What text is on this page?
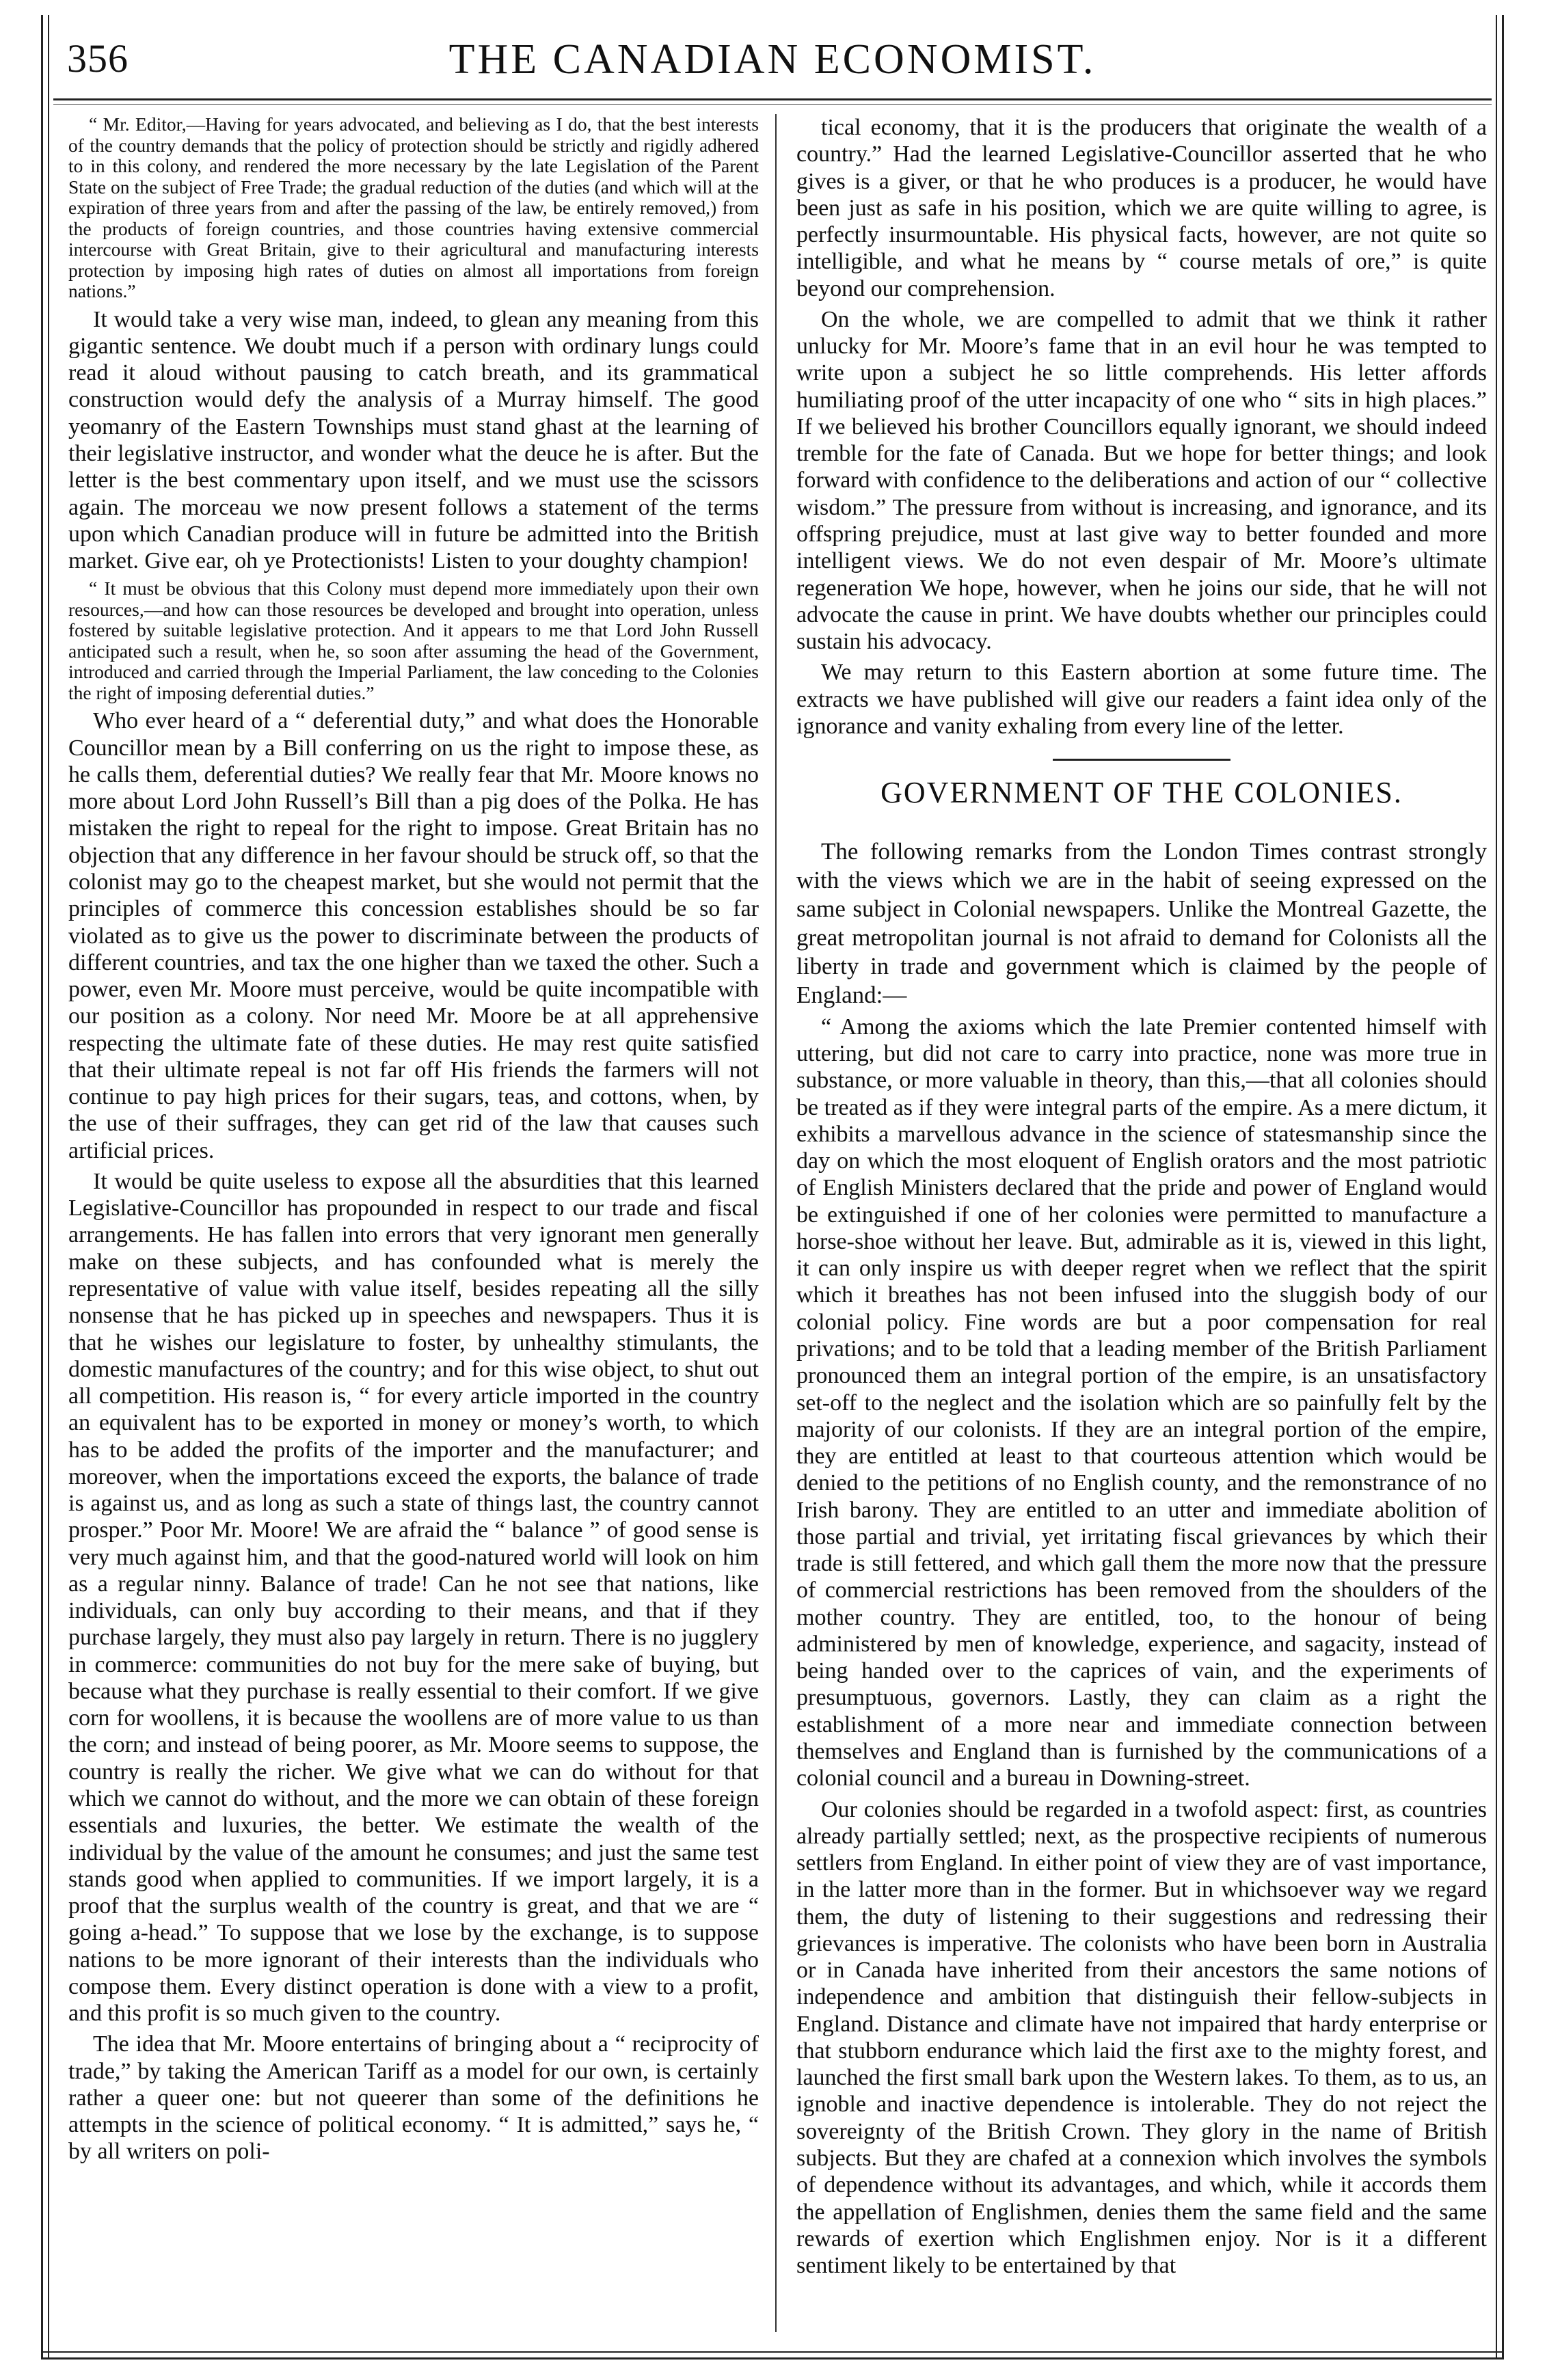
356	THE CANADIAN ECONOMIST.

“ Mr. Editor,—Having for years advocated, and believing as I do, that the best interests of the country demands that the policy of protection should be strictly and rigidly adhered to in this colony, and rendered the more necessary by the late Legislation of the Parent State on the subject of Free Trade; the gradual reduction of the duties (and which will at the expiration of three years from and after the passing of the law, be entirely removed,) from the products of foreign countries, and those countries having extensive commercial intercourse with Great Britain, give to their agricultural and manufacturing interests protection by imposing high rates of duties on almost all importations from foreign nations.”

It would take a very wise man, indeed, to glean any meaning from this gigantic sentence. We doubt much if a person with ordinary lungs could read it aloud without pausing to catch breath, and its grammatical construction would defy the analysis of a Murray himself. The good yeomanry of the Eastern Townships must stand ghast at the learning of their legislative instructor, and wonder what the deuce he is after. But the letter is the best commentary upon itself, and we must use the scissors again. The morceau we now present follows a statement of the terms upon which Canadian produce will in future be admitted into the British market. Give ear, oh ye Protectionists! Listen to your doughty champion!

“ It must be obvious that this Colony must depend more immediately upon their own resources,—and how can those resources be developed and brought into operation, unless fostered by suitable legislative protection. And it appears to me that Lord John Russell anticipated such a result, when he, so soon after assuming the head of the Government, introduced and carried through the Imperial Parliament, the law conceding to the Colonies the right of imposing deferential duties.”

Who ever heard of a “ deferential duty,” and what does the Honorable Councillor mean by a Bill conferring on us the right to impose these, as he calls them, deferential duties? We really fear that Mr. Moore knows no more about Lord John Russell’s Bill than a pig does of the Polka. He has mistaken the right to repeal for the right to impose. Great Britain has no objection that any difference in her favour should be struck off, so that the colonist may go to the cheapest market, but she would not permit that the principles of commerce this concession establishes should be so far violated as to give us the power to discriminate between the products of different countries, and tax the one higher than we taxed the other. Such a power, even Mr. Moore must perceive, would be quite incompatible with our position as a colony. Nor need Mr. Moore be at all apprehensive respecting the ultimate fate of these duties. He may rest quite satisfied that their ultimate repeal is not far off His friends the farmers will not continue to pay high prices for their sugars, teas, and cottons, when, by the use of their suffrages, they can get rid of the law that causes such artificial prices.

It would be quite useless to expose all the absurdities that this learned Legislative-Councillor has propounded in respect to our trade and fiscal arrangements. He has fallen into errors that very ignorant men generally make on these subjects, and has confounded what is merely the representative of value with value itself, besides repeating all the silly nonsense that he has picked up in speeches and newspapers. Thus it is that he wishes our legislature to foster, by unhealthy stimulants, the domestic manufactures of the country; and for this wise object, to shut out all competition. His reason is, “ for every article imported in the country an equivalent has to be exported in money or money’s worth, to which has to be added the profits of the importer and the manufacturer; and moreover, when the importations exceed the exports, the balance of trade is against us, and as long as such a state of things last, the country cannot prosper.” Poor Mr. Moore! We are afraid the “ balance ” of good sense is very much against him, and that the good-natured world will look on him as a regular ninny. Balance of trade! Can he not see that nations, like individuals, can only buy according to their means, and that if they purchase largely, they must also pay largely in return. There is no jugglery in commerce: communities do not buy for the mere sake of buying, but because what they purchase is really essential to their comfort. If we give corn for woollens, it is because the woollens are of more value to us than the corn; and instead of being poorer, as Mr. Moore seems to suppose, the country is really the richer. We give what we can do without for that which we cannot do without, and the more we can obtain of these foreign essentials and luxuries, the better. We estimate the wealth of the individual by the value of the amount he consumes; and just the same test stands good when applied to communities. If we import largely, it is a proof that the surplus wealth of the country is great, and that we are “ going a-head.” To suppose that we lose by the exchange, is to suppose nations to be more ignorant of their interests than the individuals who compose them. Every distinct operation is done with a view to a profit, and this profit is so much given to the country.

The idea that Mr. Moore entertains of bringing about a “ reciprocity of trade,” by taking the American Tariff as a model for our own, is certainly rather a queer one: but not queerer than some of the definitions he attempts in the science of political economy. “ It is admitted,” says he, “ by all writers on poli-

tical economy, that it is the producers that originate the wealth of a country.” Had the learned Legislative-Councillor asserted that he who gives is a giver, or that he who produces is a producer, he would have been just as safe in his position, which we are quite willing to agree, is perfectly insurmountable. His physical facts, however, are not quite so intelligible, and what he means by “ course metals of ore,” is quite beyond our comprehension.

On the whole, we are compelled to admit that we think it rather unlucky for Mr. Moore’s fame that in an evil hour he was tempted to write upon a subject he so little comprehends. His letter affords humiliating proof of the utter incapacity of one who “ sits in high places.” If we believed his brother Councillors equally ignorant, we should indeed tremble for the fate of Canada. But we hope for better things; and look forward with confidence to the deliberations and action of our “ collective wisdom.” The pressure from without is increasing, and ignorance, and its offspring prejudice, must at last give way to better founded and more intelligent views. We do not even despair of Mr. Moore’s ultimate regeneration We hope, however, when he joins our side, that he will not advocate the cause in print. We have doubts whether our principles could sustain his advocacy.

We may return to this Eastern abortion at some future time. The extracts we have published will give our readers a faint idea only of the ignorance and vanity exhaling from every line of the letter.

GOVERNMENT OF THE COLONIES.

The following remarks from the London Times contrast strongly with the views which we are in the habit of seeing expressed on the same subject in Colonial newspapers. Unlike the Montreal Gazette, the great metropolitan journal is not afraid to demand for Colonists all the liberty in trade and government which is claimed by the people of England:—

“ Among the axioms which the late Premier contented himself with uttering, but did not care to carry into practice, none was more true in substance, or more valuable in theory, than this,—that all colonies should be treated as if they were integral parts of the empire. As a mere dictum, it exhibits a marvellous advance in the science of statesmanship since the day on which the most eloquent of English orators and the most patriotic of English Ministers declared that the pride and power of England would be extinguished if one of her colonies were permitted to manufacture a horse-shoe without her leave. But, admirable as it is, viewed in this light, it can only inspire us with deeper regret when we reflect that the spirit which it breathes has not been infused into the sluggish body of our colonial policy. Fine words are but a poor compensation for real privations; and to be told that a leading member of the British Parliament pronounced them an integral portion of the empire, is an unsatisfactory set-off to the neglect and the isolation which are so painfully felt by the majority of our colonists. If they are an integral portion of the empire, they are entitled at least to that courteous attention which would be denied to the petitions of no English county, and the remonstrance of no Irish barony. They are entitled to an utter and immediate abolition of those partial and trivial, yet irritating fiscal grievances by which their trade is still fettered, and which gall them the more now that the pressure of commercial restrictions has been removed from the shoulders of the mother country. They are entitled, too, to the honour of being administered by men of knowledge, experience, and sagacity, instead of being handed over to the caprices of vain, and the experiments of presumptuous, governors. Lastly, they can claim as a right the establishment of a more near and immediate connection between themselves and England than is furnished by the communications of a colonial council and a bureau in Downing-street.

Our colonies should be regarded in a twofold aspect: first, as countries already partially settled; next, as the prospective recipients of numerous settlers from England. In either point of view they are of vast importance, in the latter more than in the former. But in whichsoever way we regard them, the duty of listening to their suggestions and redressing their grievances is imperative. The colonists who have been born in Australia or in Canada have inherited from their ancestors the same notions of independence and ambition that distinguish their fellow-subjects in England. Distance and climate have not impaired that hardy enterprise or that stubborn endurance which laid the first axe to the mighty forest, and launched the first small bark upon the Western lakes. To them, as to us, an ignoble and inactive dependence is intolerable. They do not reject the sovereignty of the British Crown. They glory in the name of British subjects. But they are chafed at a connexion which involves the symbols of dependence without its advantages, and which, while it accords them the appellation of Englishmen, denies them the same field and the same rewards of exertion which Englishmen enjoy. Nor is it a different sentiment likely to be entertained by that
